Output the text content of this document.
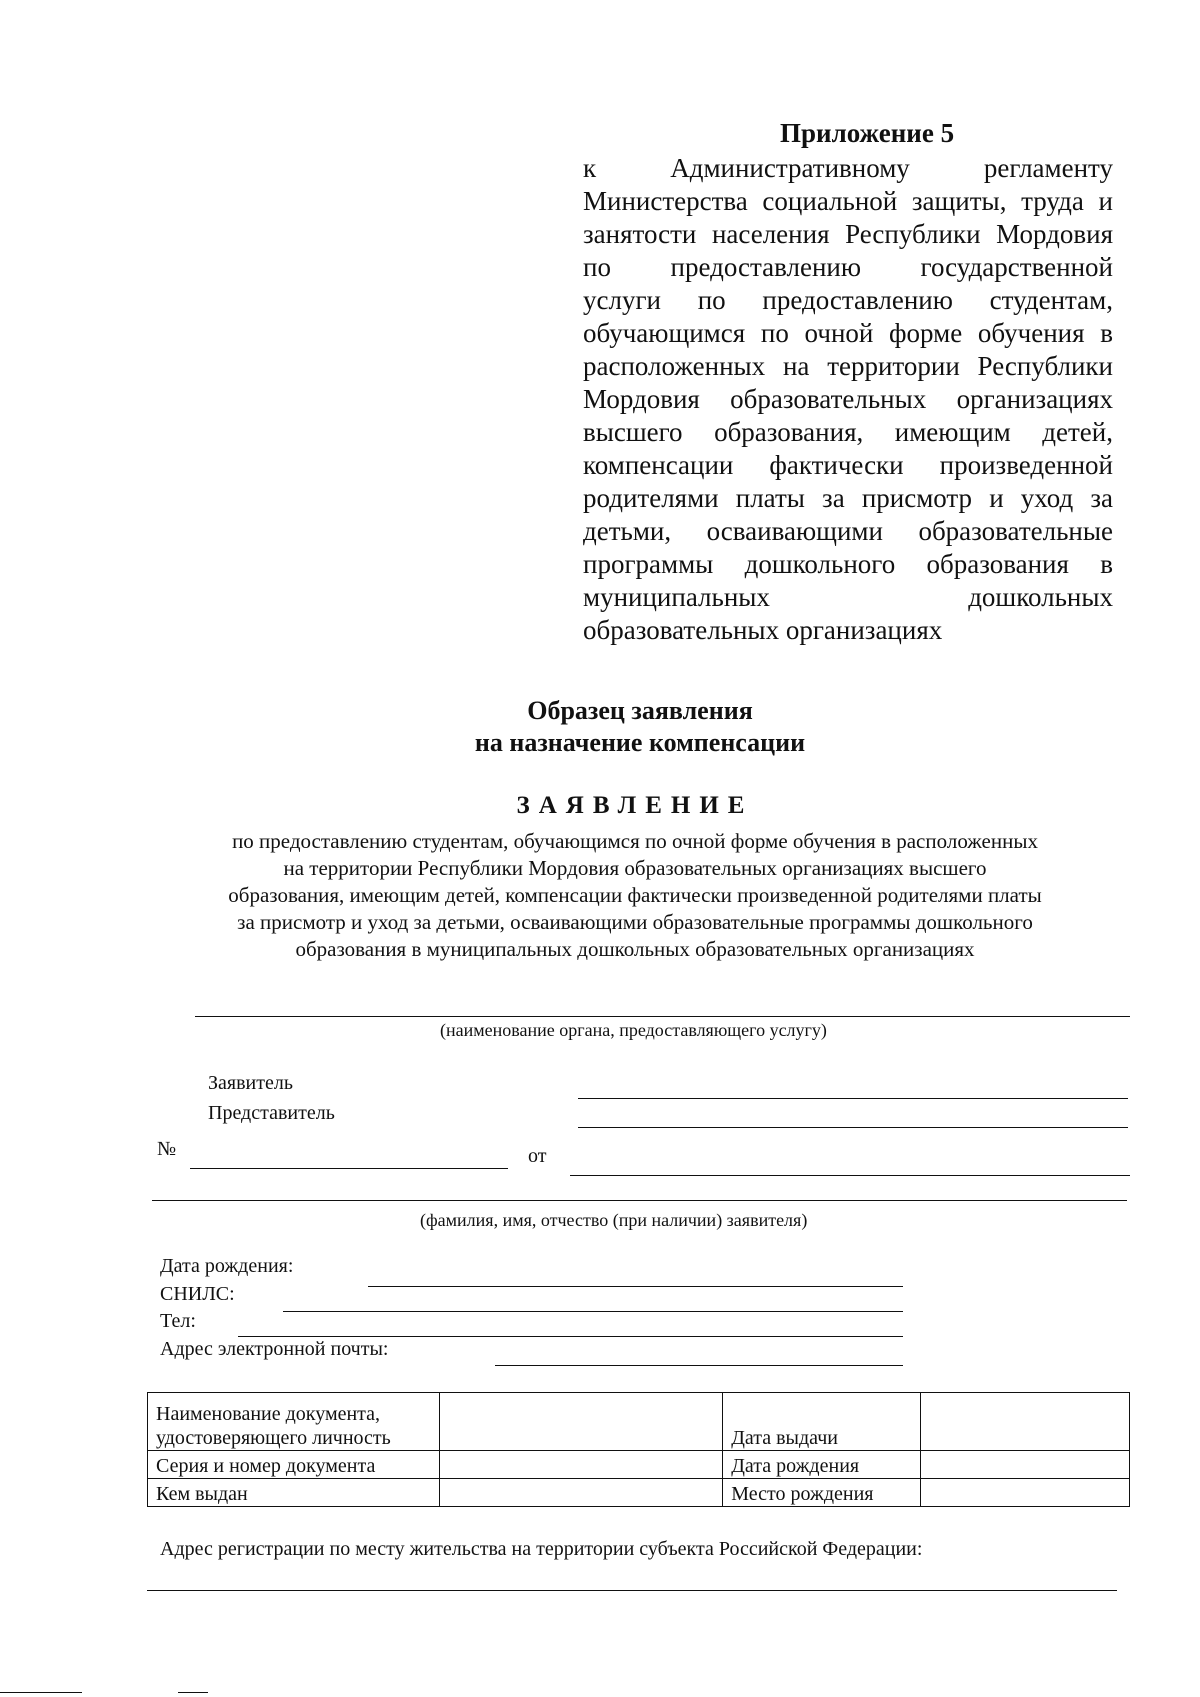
Приложение 5
к Административному регламенту
Министерства социальной защиты, труда и
занятости населения Республики Мордовия
по предоставлению государственной
услуги по предоставлению студентам,
обучающимся по очной форме обучения в
расположенных на территории Республики
Мордовия образовательных организациях
высшего образования, имеющим детей,
компенсации фактически произведенной
родителями платы за присмотр и уход за
детьми, осваивающими образовательные
программы дошкольного образования в
муниципальных дошкольных
образовательных организациях
Образец заявления
на назначение компенсации
ЗАЯВЛЕНИЕ
по предоставлению студентам, обучающимся по очной форме обучения в расположенных
на территории Республики Мордовия образовательных организациях высшего
образования, имеющим детей, компенсации фактически произведенной родителями платы
за присмотр и уход за детьми, осваивающими образовательные программы дошкольного
образования в муниципальных дошкольных образовательных организациях
(наименование органа, предоставляющего услугу)
Заявитель
Представитель
№	от
(фамилия, имя, отчество (при наличии) заявителя)
Дата рождения:
СНИЛС:
Тел:
Адрес электронной почты:
Наименование документа, удостоверяющего личность		Дата выдачи	
Серия и номер документа		Дата рождения	
Кем выдан		Место рождения	
Адрес регистрации по месту жительства на территории субъекта Российской Федерации:
